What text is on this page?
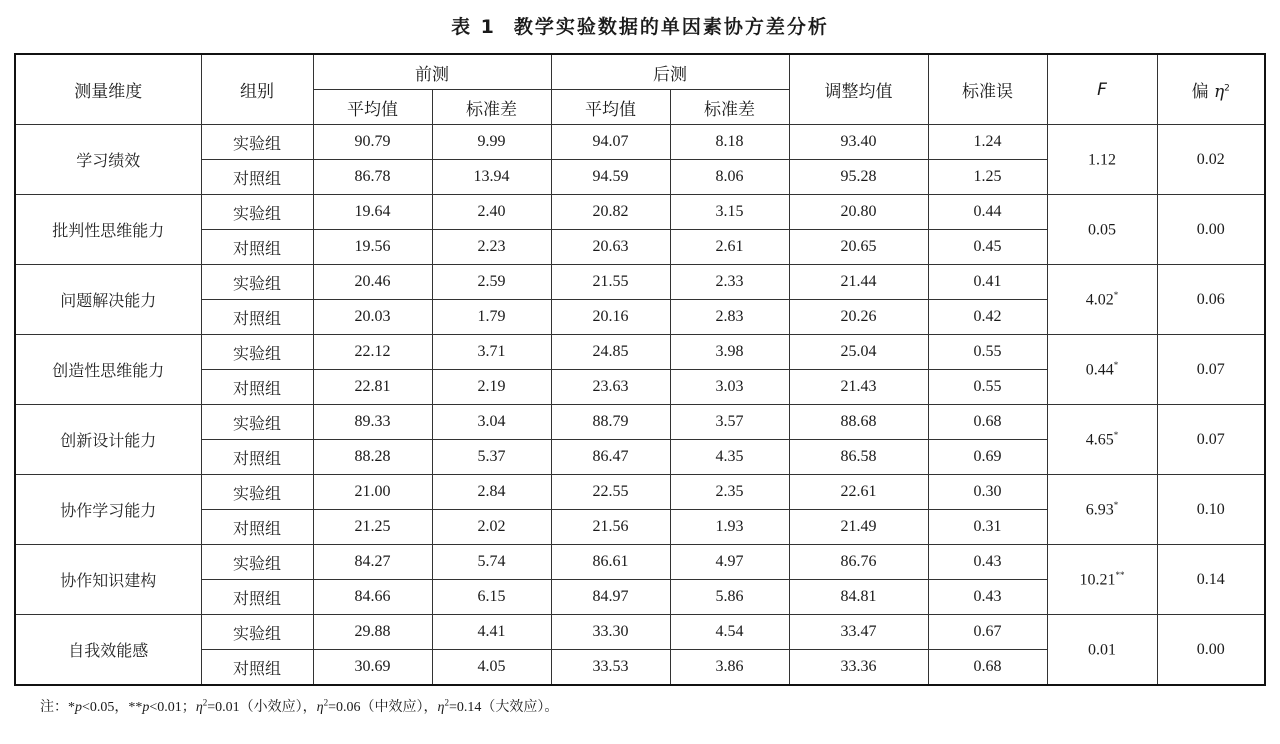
表 1 教学实验数据的单因素协方差分析
测量维度	组别	前测		后测		调整均值	标准误	F	偏 $\eta^2$
		平均值	标准差	平均值	标准差				
学习绩效	实验组	90.79	9.99	94.07	8.18	93.40	1.24	1.12	0.02
	对照组	86.78	13.94	94.59	8.06	95.28	1.25		
批判性思维能力	实验组	19.64	2.40	20.82	3.15	20.80	0.44	0.05	0.00
	对照组	19.56	2.23	20.63	2.61	20.65	0.45		
问题解决能力	实验组	20.46	2.59	21.55	2.33	21.44	0.41	4.02*	0.06
	对照组	20.03	1.79	20.16	2.83	20.26	0.42		
创造性思维能力	实验组	22.12	3.71	24.85	3.98	25.04	0.55	0.44*	0.07
	对照组	22.81	2.19	23.63	3.03	21.43	0.55		
创新设计能力	实验组	89.33	3.04	88.79	3.57	88.68	0.68	4.65*	0.07
	对照组	88.28	5.37	86.47	4.35	86.58	0.69		
协作学习能力	实验组	21.00	2.84	22.55	2.35	22.61	0.30	6.93*	0.10
	对照组	21.25	2.02	21.56	1.93	21.49	0.31		
协作知识建构	实验组	84.27	5.74	86.61	4.97	86.76	0.43	10.21**	0.14
	对照组	84.66	6.15	84.97	5.86	84.81	0.43		
自我效能感	实验组	29.88	4.41	33.30	4.54	33.47	0.67	0.01	0.00
	对照组	30.69	4.05	33.53	3.86	33.36	0.68		
注：*p<0.05，**p<0.01；$\eta^2=0.01$（小效应），$\eta^2=0.06$（中效应），$\eta^2=0.14$（大效应）。
